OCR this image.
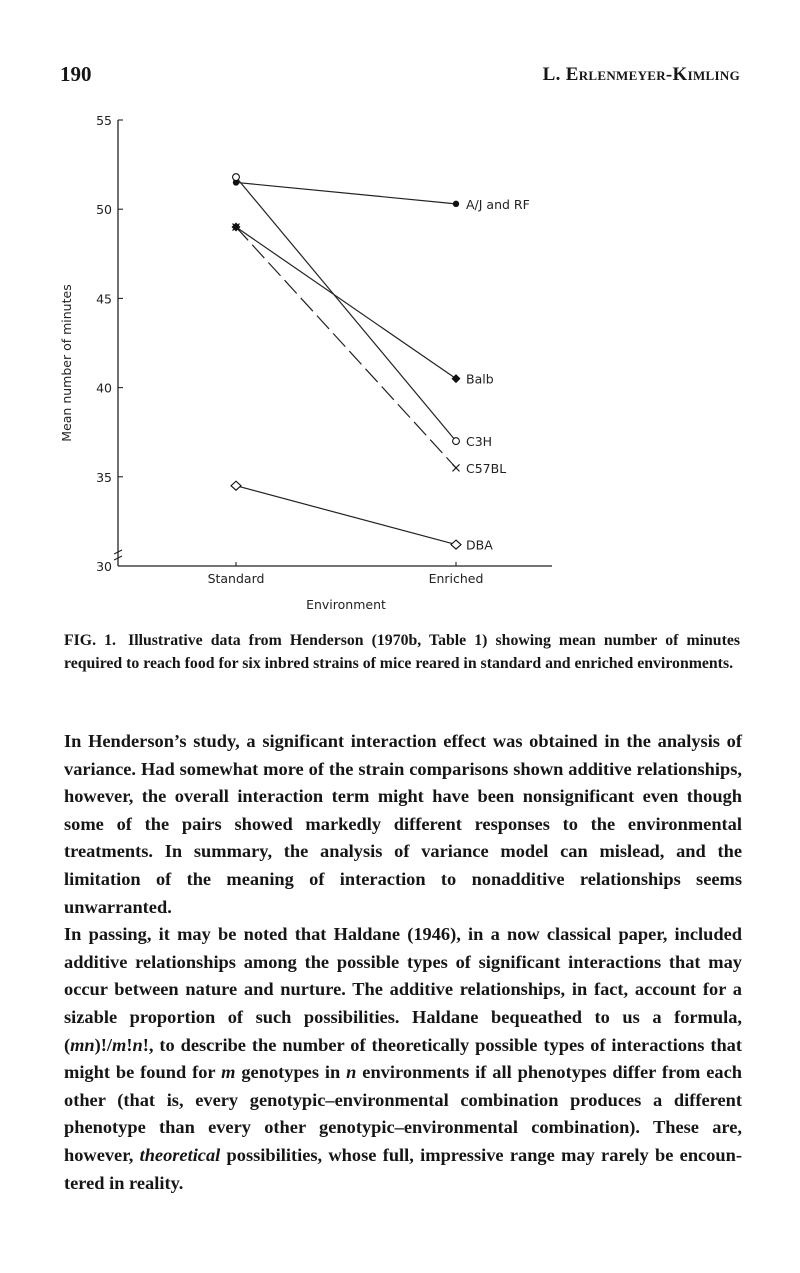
190	L. Erlenmeyer-Kimling
30
35
40
45
50
55
Standard	Enriched
A/J and RF
Balb
C3H
C57BL
DBA
Environment
Mean number of minutes
FIG. 1. Illustrative data from Henderson (1970b, Table 1) showing mean number of minutes required to reach food for six inbred strains of mice reared in standard and enriched environments.

In Henderson’s study, a significant interaction effect was obtained in the analysis of variance. Had somewhat more of the strain comparisons shown additive relationships, however, the overall interaction term might have been nonsignificant even though some of the pairs showed markedly different responses to the environmental treatments. In summary, the analysis of variance model can mislead, and the limitation of the meaning of interaction to nonadditive relationships seems unwarranted.

In passing, it may be noted that Haldane (1946), in a now classical paper, included additive relationships among the possible types of significant interactions that may occur between nature and nurture. The additive relationships, in fact, account for a sizable proportion of such possibilities. Haldane bequeathed to us a formula, (mn)!/m!n!, to describe the number of theoretically possible types of interactions that might be found for m genotypes in n environments if all phenotypes differ from each other (that is, every genotypic–environmental combination produces a different phenotype than every other genotypic–environmental combination). These are, however, theoretical possibilities, whose full, impressive range may rarely be encountered in reality.
